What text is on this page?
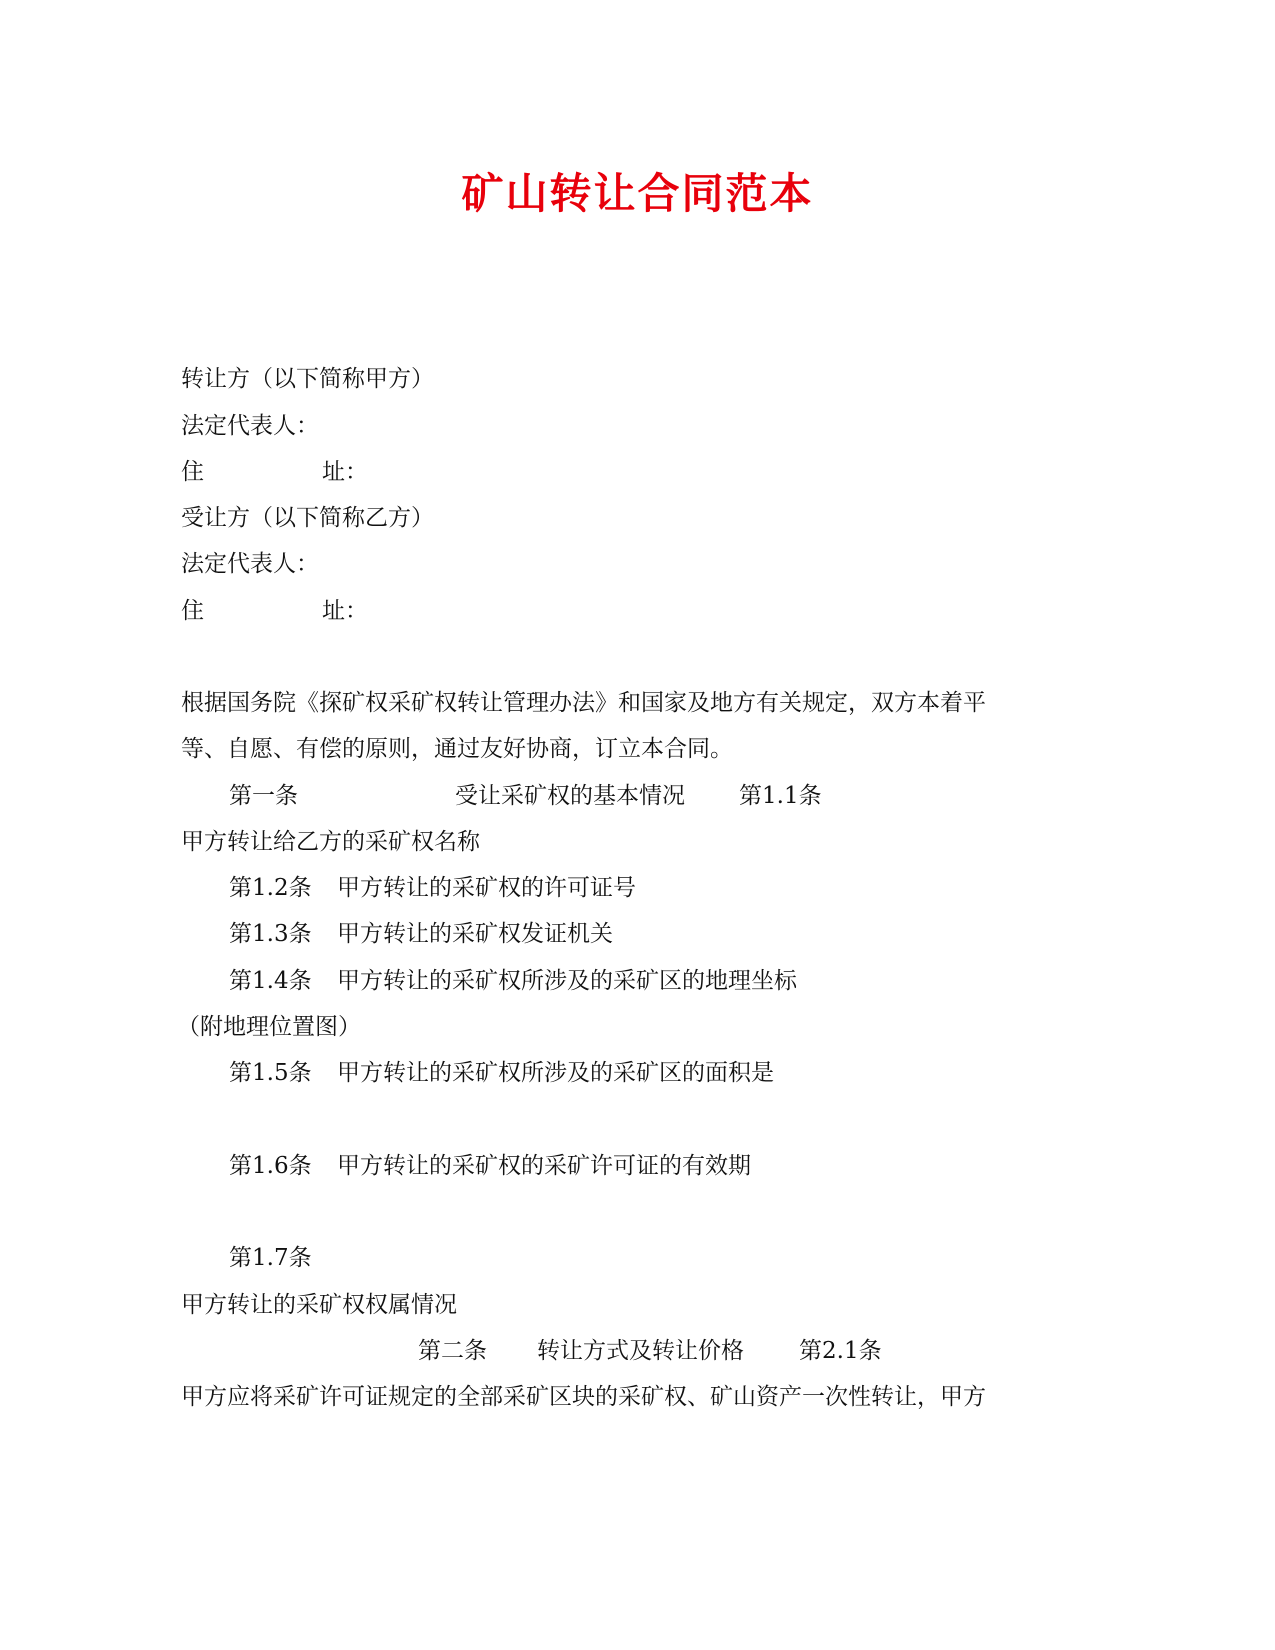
矿山转让合同范本
转让方（以下简称甲方）
法定代表人：
住	址：
受让方（以下简称乙方）
法定代表人：
住	址：
根据国务院《探矿权采矿权转让管理办法》和国家及地方有关规定，双方本着平
等、自愿、有偿的原则，通过友好协商，订立本合同。
第一条	受让采矿权的基本情况 第1.1条
甲方转让给乙方的采矿权名称
第1.2条 甲方转让的采矿权的许可证号
第1.3条 甲方转让的采矿权发证机关
第1.4条 甲方转让的采矿权所涉及的采矿区的地理坐标
（附地理位置图）
第1.5条 甲方转让的采矿权所涉及的采矿区的面积是
第1.6条 甲方转让的采矿权的采矿许可证的有效期
第1.7条
甲方转让的采矿权权属情况
第二条 转让方式及转让价格 第2.1条
甲方应将采矿许可证规定的全部采矿区块的采矿权、矿山资产一次性转让，甲方
